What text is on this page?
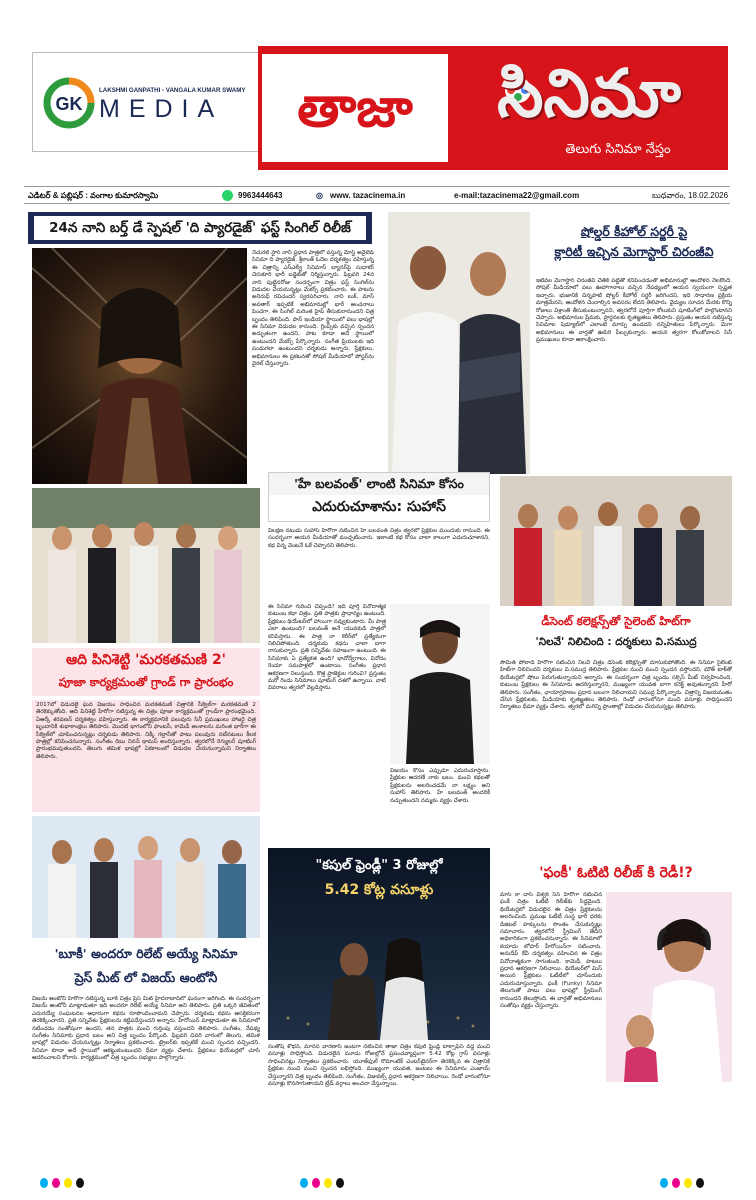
GK
LAKSHMI GANPATHI - VANGALA KUMAR SWAMY
MEDIA	తాజా	సినిమా
తెలుగు సినిమా నేస్తం
ఎడిటర్ & పబ్లిషర్ : వంగాల కుమారస్వామి	9963444643	◎ www. tazacinema.in	e-mail:tazacinema22@gmail.com	బుధవారం, 18.02.2026
24న నాని బర్త్ డే స్పెషల్ 'ది ప్యారడైజ్' ఫస్ట్ సింగిల్ రిలీజ్
నేచురల్ స్టార్ నాని ప్రధాన పాత్రలో వస్తున్న మోస్ట్ అవైటెడ్ సినిమా ది ప్యారడైజ్. శ్రీకాంత్ ఓదెల దర్శకత్వం వహిస్తున్న ఈ చిత్రాన్ని ఎస్ఎల్వీ సినిమాస్ బ్యానర్‌పై సుధాకర్ చెరుకూరి భారీ బడ్జెట్‌తో నిర్మిస్తున్నారు. ఫిబ్రవరి 24న నాని పుట్టినరోజు సందర్భంగా చిత్రం ఫస్ట్ సింగిల్‌ను విడుదల చేయనున్నట్లు మేకర్స్ ప్రకటించారు. ఈ పాటను అనిరుధ్ రవిచందర్ స్వరపరిచారు. నాని లుక్, మాస్ అవతార్ ఇప్పటికే అభిమానుల్లో భారీ అంచనాలు పెంచగా, ఈ సింగిల్ మరింత హైప్ తీసుకురానుందని చిత్ర బృందం తెలిపింది. పాన్ ఇండియా స్థాయిలో పలు భాషల్లో ఈ సినిమా విడుదల కానుంది. గ్లింప్స్‌కు వచ్చిన స్పందన అద్భుతంగా ఉందని, పాట కూడా అదే స్థాయిలో ఉంటుందని మేకర్స్ పేర్కొన్నారు. సంగీత ప్రియులకు ఇది పండుగలా ఉంటుందని దర్శకుడు అన్నారు. ప్రేక్షకులు, అభిమానులు ఈ ప్రకటనతో సోషల్ మీడియాలో పోస్టర్‌ను వైరల్ చేస్తున్నారు.
షోల్డర్ కీహోల్ సర్జరీ పై
క్లారిటీ ఇచ్చిన మెగాస్టార్ చిరంజీవి
ఇటీవల మెగాస్టార్ చిరంజీవి చేతికి పట్టీతో కనిపించడంతో అభిమానుల్లో ఆందోళన నెలకొంది. సోషల్ మీడియాలో పలు ఊహాగానాలు వచ్చిన నేపథ్యంలో ఆయన స్వయంగా స్పష్టత ఇచ్చారు. భుజానికి చిన్నపాటి షోల్డర్ కీహోల్ సర్జరీ జరిగిందని, ఇది సాధారణ ప్రక్రియ మాత్రమేనని, ఆందోళన చెందాల్సిన అవసరం లేదని తెలిపారు. వైద్యుల సూచన మేరకు కొన్ని రోజులు విశ్రాంతి తీసుకుంటున్నానని, త్వరలోనే పూర్తిగా కోలుకుని షూటింగ్‌లో పాల్గొంటానని చెప్పారు. అభిమానుల ప్రేమకు, ప్రార్థనలకు కృతజ్ఞతలు తెలిపారు. ప్రస్తుతం ఆయన నటిస్తున్న సినిమాల షెడ్యూల్‌లో ఎలాంటి మార్పు ఉండదని సన్నిహితులు పేర్కొన్నారు. మెగా అభిమానులు ఈ వార్తతో ఊపిరి పీల్చుకున్నారు. ఆయన త్వరగా కోలుకోవాలని సినీ ప్రముఖులు కూడా ఆకాంక్షించారు.
ఆది పినిశెట్టి 'మరకతమణి 2'
పూజా కార్యక్రమంతో గ్రాండ్ గా ప్రారంభం
2017లో విడుదలై ఘన విజయం సాధించిన మరకతమణి చిత్రానికి సీక్వెల్‌గా మరకతమణి 2 తెరకెక్కుతోంది. ఆది పినిశెట్టి హీరోగా నటిస్తున్న ఈ చిత్రం పూజా కార్యక్రమంతో గ్రాండ్‌గా ప్రారంభమైంది. ఏఆర్కే శరవణన్ దర్శకత్వం వహిస్తున్నారు. ఈ కార్యక్రమానికి పలువురు సినీ ప్రముఖులు హాజరై చిత్ర బృందానికి శుభాకాంక్షలు తెలిపారు. మొదటి భాగంలోని ఫాంటసీ, కామెడీ అంశాలను మరింత భారీగా ఈ సీక్వెల్‌లో చూపించనున్నట్లు దర్శకుడు తెలిపారు. నిక్కీ గల్రానీతో పాటు పలువురు నటీనటులు కీలక పాత్రల్లో కనిపించనున్నారు. సంగీతం దిబు నినన్ థామస్ అందిస్తున్నారు. త్వరలోనే రెగ్యులర్ షూటింగ్ ప్రారంభమవుతుందని, తెలుగు తమిళ భాషల్లో ఏకకాలంలో విడుదల చేయనున్నామని నిర్మాతలు తెలిపారు.
'హే బలవంత్' లాంటి సినిమా కోసం
ఎదురుచూశాను: సుహాస్
విలక్షణ నటుడు సుహాస్ హీరోగా నటించిన హే బలవంత్ చిత్రం త్వరలో ప్రేక్షకుల ముందుకు రానుంది. ఈ సందర్భంగా ఆయన మీడియాతో ముచ్చటించారు. ఇలాంటి కథ కోసం చాలా కాలంగా ఎదురుచూశానని, కథ విన్న వెంటనే ఓకే చెప్పానని తెలిపారు.
ఈ సినిమా గురించి చెప్పండి? ఇది పూర్తి వినోదాత్మక కుటుంబ కథా చిత్రం. ప్రతి పాత్రకు ప్రాధాన్యం ఉంటుంది. ప్రేక్షకులు థియేటర్‌లో హాయిగా నవ్వుకుంటారు. మీ పాత్ర ఎలా ఉంటుంది? బలవంత్ అనే యువకుడి పాత్రలో కనిపిస్తాను. ఈ పాత్ర నా కెరీర్‌లో ప్రత్యేకంగా నిలిచిపోతుంది. దర్శకుడు కథను చాలా బాగా రాసుకున్నారు. ప్రతి సన్నివేశం సహజంగా ఉంటుంది. ఈ సినిమాకు ఏ ప్రత్యేకత ఉంది? భావోద్వేగాలు, వినోదం రెండూ సమపాళ్లలో ఉంటాయి. సంగీతం ప్రధాన ఆకర్షణగా నిలుస్తుంది. కొత్త ప్రాజెక్టుల గురించి? ప్రస్తుతం మరో రెండు సినిమాలు షూటింగ్ దశలో ఉన్నాయి. వాటి వివరాలు త్వరలో వెల్లడిస్తాను.
విజయం కోసం ఎప్పుడూ ఎదురుచూస్తాను. ప్రేక్షకుల ఆదరణే నాకు బలం. మంచి కథలతో ప్రేక్షకులను అలరించడమే నా లక్ష్యం అని సుహాస్ తెలిపారు. హే బలవంత్ అందరికీ నచ్చుతుందని నమ్మకం వ్యక్తం చేశారు.
డీసెంట్ కలెక్షన్స్‌తో సైలెంట్ హిట్‌గా
'నిలవే' నిలిచింది : దర్శకులు వి.సముద్ర
సౌమిత్ పోలాడి హీరోగా నటించిన నిలవే చిత్రం డీసెంట్ కలెక్షన్స్‌తో దూసుకుపోతోంది. ఈ సినిమా సైలెంట్ హిట్‌గా నిలిచిందని దర్శకులు వి.సముద్ర తెలిపారు. ప్రేక్షకుల నుంచి మంచి స్పందన వస్తోందని, మౌత్ టాక్‌తో థియేటర్లలో షోలు పెరుగుతున్నాయని అన్నారు. ఈ సందర్భంగా చిత్ర బృందం సక్సెస్ మీట్ నిర్వహించింది. కుటుంబ ప్రేక్షకులు ఈ సినిమాను ఆదరిస్తున్నారని, ముఖ్యంగా యువత బాగా కనెక్ట్ అవుతున్నారని హీరో తెలిపారు. సంగీతం, ఛాయాగ్రహణం ప్రధాన బలంగా నిలిచాయని సముద్ర పేర్కొన్నారు. చిత్రాన్ని విజయవంతం చేసిన ప్రేక్షకులకు, మీడియాకు కృతజ్ఞతలు తెలిపారు. రెండో వారంలోనూ మంచి వసూళ్లు సాధిస్తుందని నిర్మాతలు ధీమా వ్యక్తం చేశారు. త్వరలో మరిన్ని ప్రాంతాల్లో విడుదల చేయనున్నట్లు తెలిపారు.
'బూకీ' అందరూ రిలేట్ అయ్యే సినిమా
ప్రెస్ మీట్ లో విజయ్ ఆంటోనీ
విజయ్ ఆంటోనీ హీరోగా నటిస్తున్న బూకీ చిత్రం ప్రెస్ మీట్ హైదరాబాద్‌లో ఘనంగా జరిగింది. ఈ సందర్భంగా విజయ్ ఆంటోనీ మాట్లాడుతూ ఇది అందరూ రిలేట్ అయ్యే సినిమా అని తెలిపారు. ప్రతి ఒక్కరి జీవితంలో ఎదురయ్యే సంఘటనల ఆధారంగా కథను రూపొందించామని చెప్పారు. దర్శకుడు కథను ఆసక్తికరంగా తెరకెక్కించారని, ప్రతి సన్నివేశం ప్రేక్షకులను కట్టిపడేస్తుందని అన్నారు. హీరోయిన్ మాట్లాడుతూ ఈ సినిమాలో నటించడం సంతోషంగా ఉందని, తన పాత్రకు మంచి గుర్తింపు వస్తుందని తెలిపారు. సంగీతం, నేపథ్య సంగీతం సినిమాకు ప్రధాన బలం అని చిత్ర బృందం పేర్కొంది. ఫిబ్రవరి చివరి వారంలో తెలుగు, తమిళ భాషల్లో విడుదల చేయనున్నట్లు నిర్మాతలు ప్రకటించారు. ట్రైలర్‌కు ఇప్పటికే మంచి స్పందన వచ్చిందని, సినిమా కూడా అదే స్థాయిలో ఆకట్టుకుంటుందని ధీమా వ్యక్తం చేశారు. ప్రేక్షకులు థియేటర్లలో చూసి ఆదరించాలని కోరారు. కార్యక్రమంలో చిత్ర బృందం సభ్యులు పాల్గొన్నారు.
"కపుల్ ఫ్రెండ్లీ" 3 రోజుల్లో
5.42 కోట్ల వసూళ్లు
సంతోష్ శోభన్, మానస వారణాసి జంటగా నటించిన తాజా చిత్రం కపుల్ ఫ్రెండ్లీ బాక్సాఫీస్ వద్ద మంచి వసూళ్లు సాధిస్తోంది. విడుదలైన మూడు రోజుల్లోనే ప్రపంచవ్యాప్తంగా 5.42 కోట్ల గ్రాస్ వసూళ్లు సాధించినట్లు నిర్మాతలు ప్రకటించారు. యూత్‌ఫుల్ రొమాంటిక్ ఎంటర్‌టైనర్‌గా తెరకెక్కిన ఈ చిత్రానికి ప్రేక్షకుల నుంచి మంచి స్పందన లభిస్తోంది. ముఖ్యంగా యువత, జంటలు ఈ సినిమాను ఎంజాయ్ చేస్తున్నారని చిత్ర బృందం తెలిపింది. సంగీతం, విజువల్స్ ప్రధాన ఆకర్షణగా నిలిచాయి. రెండో వారంలోనూ వసూళ్లు కొనసాగుతాయని ట్రేడ్ వర్గాలు అంచనా వేస్తున్నాయి.
'ఫంకీ' ఓటిటి రిలీజ్ కి రెడీ!?
మాస్ కా దాస్ విశ్వక్ సేన్ హీరోగా నటించిన ఫంకీ చిత్రం ఓటీటీ రిలీజ్‌కు సిద్ధమైంది. థియేటర్లలో విడుదలైన ఈ చిత్రం ప్రేక్షకులను అలరించింది. ప్రముఖ ఓటీటీ సంస్థ భారీ ధరకు డిజిటల్ హక్కులను సొంతం చేసుకున్నట్లు సమాచారం. త్వరలోనే స్ట్రీమింగ్ తేదీని అధికారికంగా ప్రకటించనున్నారు. ఈ సినిమాలో కయాదు లోహర్ హీరోయిన్‌గా నటించారు. అనుదీప్ కేవీ దర్శకత్వం వహించిన ఈ చిత్రం వినోదాత్మకంగా సాగుతుంది. కామెడీ, పాటలు ప్రధాన ఆకర్షణగా నిలిచాయి. థియేటర్‌లో మిస్ అయిన ప్రేక్షకులు ఓటీటీలో చూసేందుకు ఎదురుచూస్తున్నారు. ఫంకీ (Funky) సినిమా తెలుగుతో పాటు పలు భాషల్లో స్ట్రీమింగ్ కానుందని తెలుస్తోంది. ఈ వార్తతో అభిమానులు సంతోషం వ్యక్తం చేస్తున్నారు.
